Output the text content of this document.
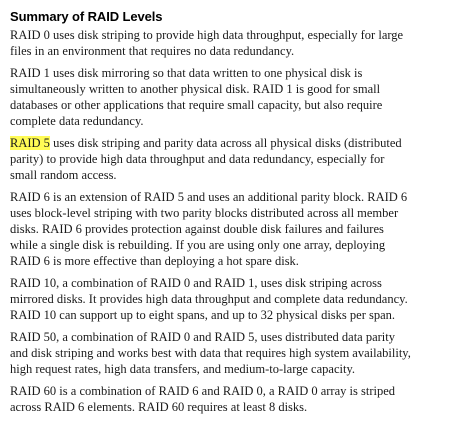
Summary of RAID Levels
RAID 0 uses disk striping to provide high data throughput, especially for large
files in an environment that requires no data redundancy.
RAID 1 uses disk mirroring so that data written to one physical disk is
simultaneously written to another physical disk. RAID 1 is good for small
databases or other applications that require small capacity, but also require
complete data redundancy.
RAID 5 uses disk striping and parity data across all physical disks (distributed
parity) to provide high data throughput and data redundancy, especially for
small random access.
RAID 6 is an extension of RAID 5 and uses an additional parity block. RAID 6
uses block-level striping with two parity blocks distributed across all member
disks. RAID 6 provides protection against double disk failures and failures
while a single disk is rebuilding. If you are using only one array, deploying
RAID 6 is more effective than deploying a hot spare disk.
RAID 10, a combination of RAID 0 and RAID 1, uses disk striping across
mirrored disks. It provides high data throughput and complete data redundancy.
RAID 10 can support up to eight spans, and up to 32 physical disks per span.
RAID 50, a combination of RAID 0 and RAID 5, uses distributed data parity
and disk striping and works best with data that requires high system availability,
high request rates, high data transfers, and medium-to-large capacity.
RAID 60 is a combination of RAID 6 and RAID 0, a RAID 0 array is striped
across RAID 6 elements. RAID 60 requires at least 8 disks.
